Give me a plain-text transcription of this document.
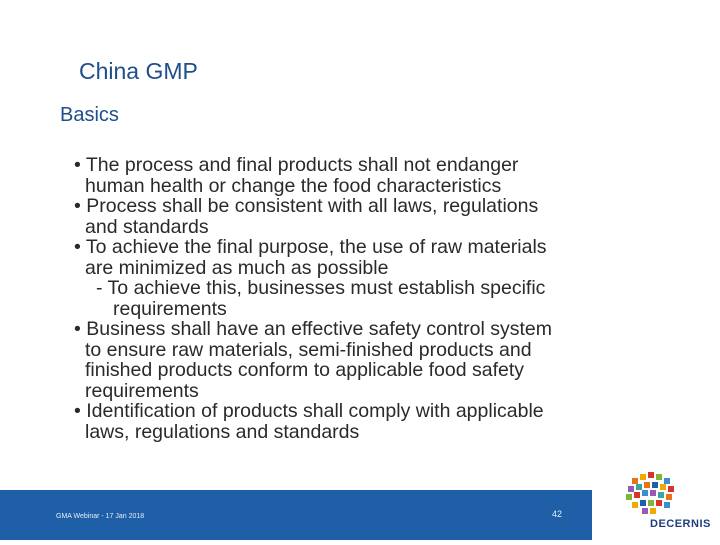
China GMP
Basics
• The process and final products shall not endanger
human health or change the food characteristics
• Process shall be consistent with all laws, regulations
and standards
• To achieve the final purpose, the use of raw materials
are minimized as much as possible
- To achieve this, businesses must establish specific
requirements
• Business shall have an effective safety control system
to ensure raw materials, semi-finished products and
finished products conform to applicable food safety
requirements
• Identification of products shall comply with applicable
laws, regulations and standards
GMA Webinar - 17 Jan 2018	42
DECERNIS
